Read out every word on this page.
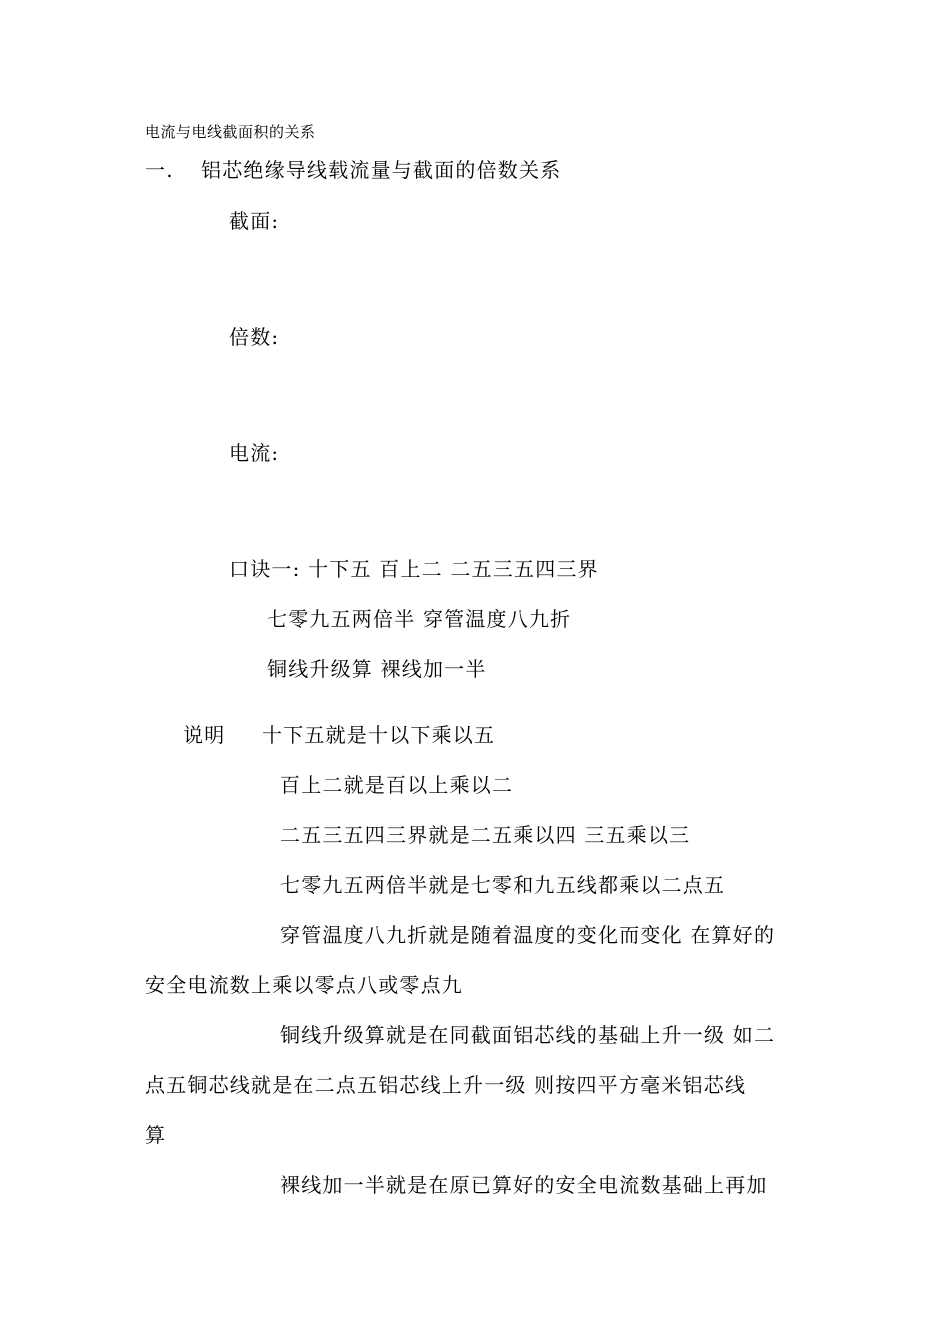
电流与电线截面积的关系
一. 铝芯绝缘导线载流量与截面的倍数关系
截面:
倍数:
电流:
口诀一: 十下五 百上二 二五三五四三界
七零九五两倍半 穿管温度八九折
铜线升级算 裸线加一半
说明 十下五就是十以下乘以五
百上二就是百以上乘以二
二五三五四三界就是二五乘以四 三五乘以三
七零九五两倍半就是七零和九五线都乘以二点五
穿管温度八九折就是随着温度的变化而变化 在算好的
安全电流数上乘以零点八或零点九
铜线升级算就是在同截面铝芯线的基础上升一级 如二
点五铜芯线就是在二点五铝芯线上升一级 则按四平方毫米铝芯线
算
裸线加一半就是在原已算好的安全电流数基础上再加
